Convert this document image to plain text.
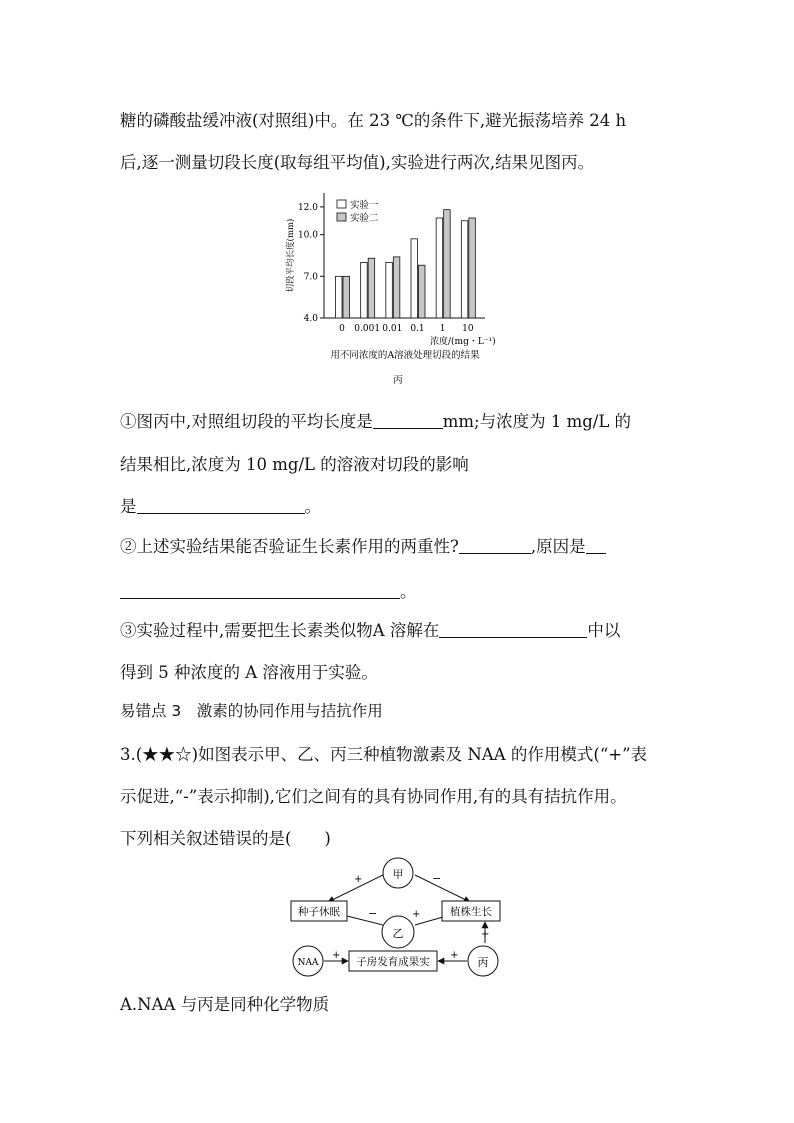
糖的磷酸盐缓冲液(对照组)中。在 23 ℃的条件下,避光振荡培养 24 h
后,逐一测量切段长度(取每组平均值),实验进行两次,结果见图丙。
4.0
7.0
10.0
12.0
切段平均长度(mm)
0 0.001 0.01 0.1 1 10
实验一
实验二
浓度/(mg・L⁻¹)
用不同浓度的A溶液处理切段的结果
丙
①图丙中,对照组切段的平均长度是	mm;与浓度为 1 mg/L 的
结果相比,浓度为 10 mg/L 的溶液对切段的影响
是	。
②上述实验结果能否验证生长素作用的两重性?	,原因是
。
③实验过程中,需要把生长素类似物A 溶解在	中以
得到 5 种浓度的 A 溶液用于实验。
易错点 3　激素的协同作用与拮抗作用
3.(★★☆)如图表示甲、乙、丙三种植物激素及 NAA 的作用模式(“+”表
示促进,“-”表示抑制),它们之间有的具有协同作用,有的具有拮抗作用。
下列相关叙述错误的是(　　)
甲
乙
丙
NAA
种子休眠	植株生长
子房发育成果实
+	−
−	+
+	+
+
A.NAA 与丙是同种化学物质
